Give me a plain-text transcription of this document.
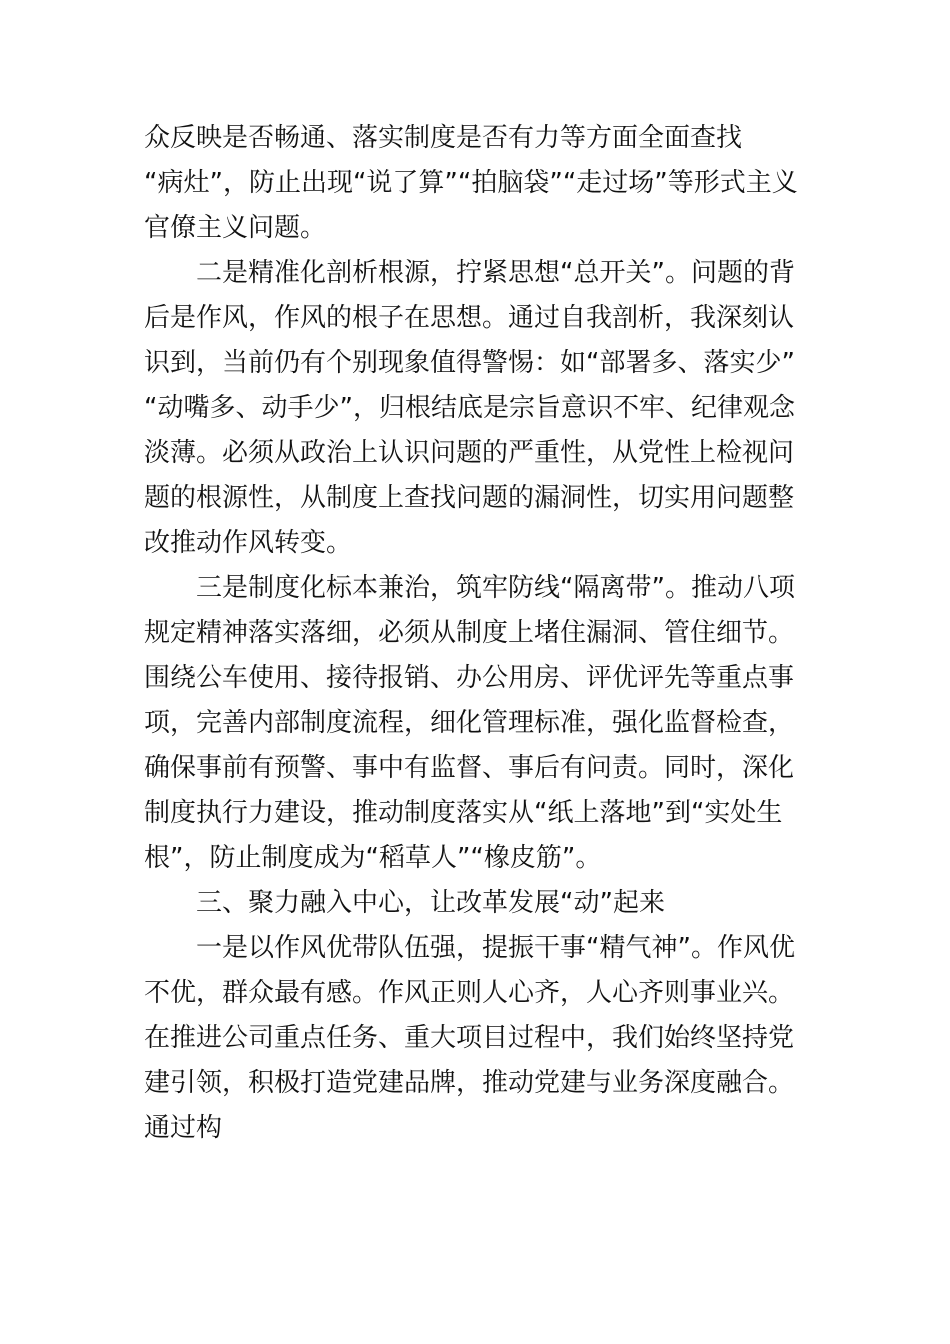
众反映是否畅通、落实制度是否有力等方面全面查找
“病灶”，防止出现“说了算”“拍脑袋”“走过场”等形式主义
官僚主义问题。
二是精准化剖析根源，拧紧思想“总开关”。问题的背
后是作风，作风的根子在思想。通过自我剖析，我深刻认
识到，当前仍有个别现象值得警惕：如“部署多、落实少”
“动嘴多、动手少”，归根结底是宗旨意识不牢、纪律观念
淡薄。必须从政治上认识问题的严重性，从党性上检视问
题的根源性，从制度上查找问题的漏洞性，切实用问题整
改推动作风转变。
三是制度化标本兼治，筑牢防线“隔离带”。推动八项
规定精神落实落细，必须从制度上堵住漏洞、管住细节。
围绕公车使用、接待报销、办公用房、评优评先等重点事
项，完善内部制度流程，细化管理标准，强化监督检查，
确保事前有预警、事中有监督、事后有问责。同时，深化
制度执行力建设，推动制度落实从“纸上落地”到“实处生
根”，防止制度成为“稻草人”“橡皮筋”。
三、聚力融入中心，让改革发展“动”起来
一是以作风优带队伍强，提振干事“精气神”。作风优
不优，群众最有感。作风正则人心齐，人心齐则事业兴。
在推进公司重点任务、重大项目过程中，我们始终坚持党
建引领，积极打造党建品牌，推动党建与业务深度融合。
通过构
